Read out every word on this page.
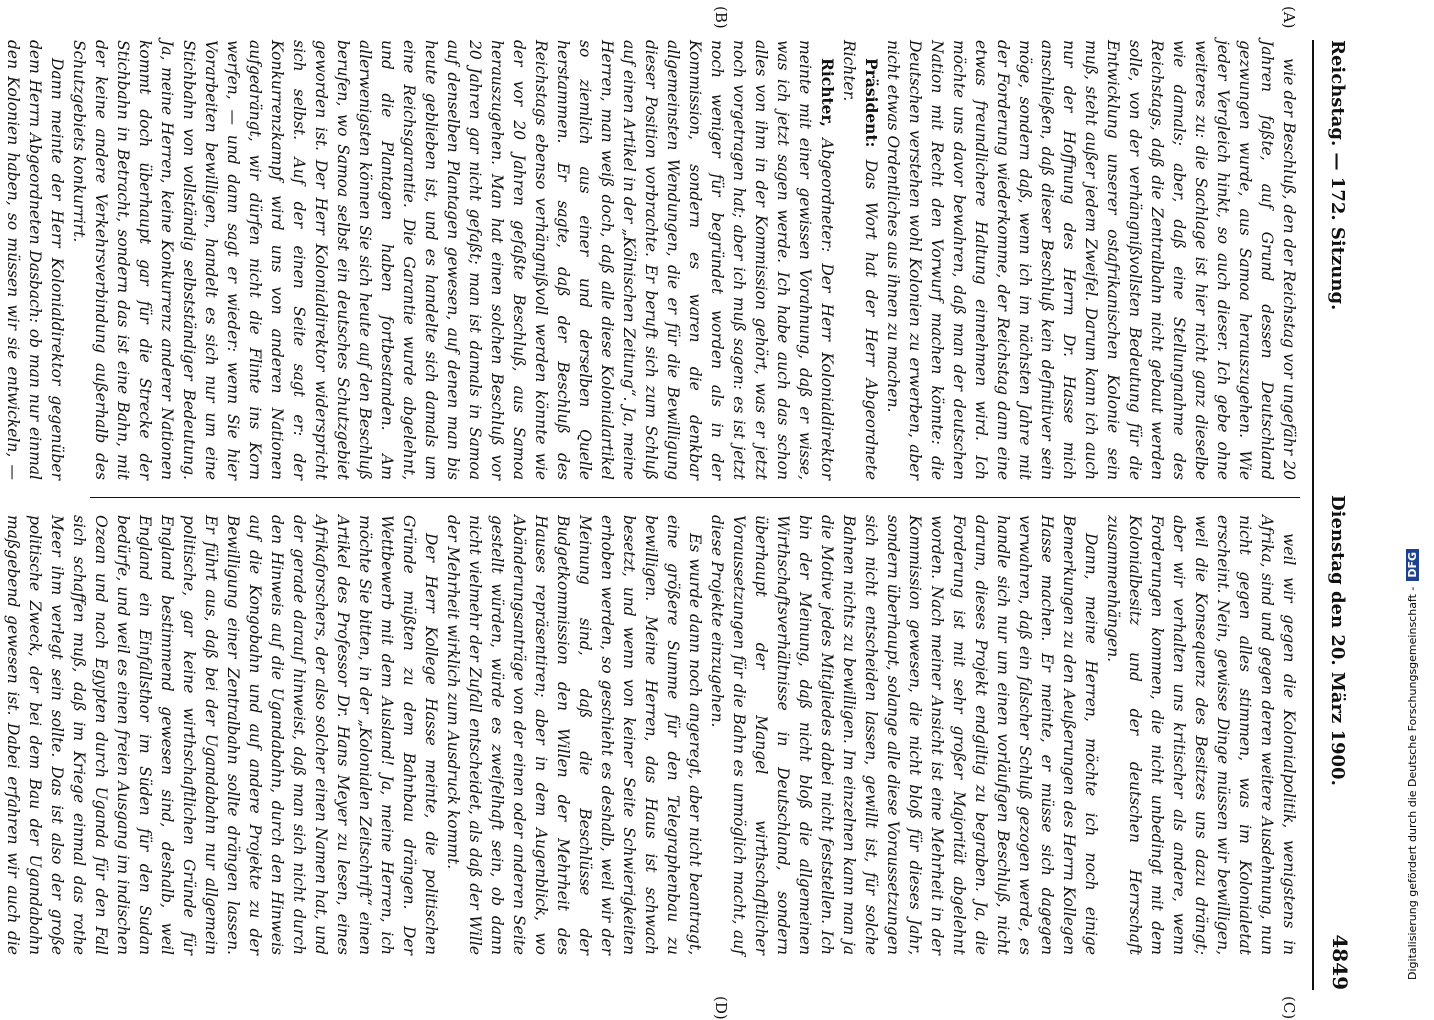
Reichstag. — 172. Sitzung.
Dienstag den 20. März 1900.
4849

wie der Beschluß, den der Reichstag vor ungefähr 20 Jahren faßte, auf Grund dessen Deutschland gezwungen wurde, aus Samoa herauszugehen. Wie jeder Vergleich hinkt, so auch dieser. Ich gebe ohne weiteres zu: die Sachlage ist hier nicht ganz dieselbe wie damals; aber, daß eine Stellungnahme des Reichstags, daß die Zentralbahn nicht gebaut werden solle, von der verhängnißvollsten Bedeutung für die Entwicklung unserer ostafrikanischen Kolonie sein muß, steht außer jedem Zweifel. Darum kann ich auch nur der Hoffnung des Herrn Dr. Hasse mich anschließen, daß dieser Beschluß kein definitiver sein möge, sondern daß, wenn ich im nächsten Jahre mit der Forderung wiederkomme, der Reichstag dann eine etwas freundlichere Haltung einnehmen wird. Ich möchte uns davor bewahren, daß man der deutschen Nation mit Recht den Vorwurf machen könnte: die Deutschen verstehen wohl Kolonien zu erwerben, aber nicht etwas Ordentliches aus ihnen zu machen.

Präsident: Das Wort hat der Herr Abgeordnete Richter.

Richter, Abgeordneter: Der Herr Kolonialdirektor meinte mit einer gewissen Vorahnung, daß er wisse, was ich jetzt sagen werde. Ich habe auch das schon alles von ihm in der Kommission gehört, was er jetzt noch vorgetragen hat; aber ich muß sagen: es ist jetzt noch weniger für begründet worden als in der Kommission, sondern es waren die denkbar allgemeinsten Wendungen, die er für die Bewilligung dieser Position vorbrachte. Er beruft sich zum Schluß auf einen Artikel in der „Kölnischen Zeitung“. Ja, meine Herren, man weiß doch, daß alle diese Kolonialartikel so ziemlich aus einer und derselben Quelle herstammen. Er sagte, daß der Beschluß des Reichstags ebenso verhängnißvoll werden könnte wie der vor 20 Jahren gefaßte Beschluß, aus Samoa herauszugehen. Man hat einen solchen Beschluß vor 20 Jahren gar nicht gefaßt; man ist damals in Samoa auf denselben Plantagen gewesen, auf denen man bis heute geblieben ist, und es handelte sich damals um eine Reichsgarantie. Die Garantie wurde abgelehnt, und die Plantagen haben fortbestanden. Am allerwenigsten können Sie sich heute auf den Beschluß berufen, wo Samoa selbst ein deutsches Schutzgebiet geworden ist. Der Herr Kolonialdirektor widerspricht sich selbst. Auf der einen Seite sagt er: der Konkurrenzkampf wird uns von anderen Nationen aufgedrängt, wir dürfen nicht die Flinte ins Korn werfen, — und dann sagt er wieder: wenn Sie hier Vorarbeiten bewilligen, handelt es sich nur um eine Stichbahn von vollständig selbstständiger Bedeutung. Ja, meine Herren, keine Konkurrenz anderer Nationen kommt doch überhaupt gar für die Strecke der Stichbahn in Betracht, sondern das ist eine Bahn, mit der keine andere Verkehrsverbindung außerhalb des Schutzgebiets konkurrirt.

Dann meinte der Herr Kolonialdirektor gegenüber dem Herrn Abgeordneten Dasbach: ob man nur einmal den Kolonien haben, so müssen wir sie entwickeln, —

weil wir gegen die Kolonialpolitik, wenigstens in Afrika, sind und gegen deren weitere Ausdehnung, nun nicht gegen alles stimmen, was im Kolonialetat erscheint. Nein, gewisse Dinge müssen wir bewilligen, weil die Konsequenz des Besitzes uns dazu drängt; aber wir verhalten uns kritischer als andere, wenn Forderungen kommen, die nicht unbedingt mit dem Kolonialbesitz und der deutschen Herrschaft zusammenhängen.

Dann, meine Herren, möchte ich noch einige Bemerkungen zu den Aeußerungen des Herrn Kollegen Hasse machen. Er meinte, er müsse sich dagegen verwahren, daß ein falscher Schluß gezogen werde, es handle sich nur um einen vorläufigen Beschluß, nicht darum, dieses Projekt endgiltig zu begraben. Ja, die Forderung ist mit sehr großer Majorität abgelehnt worden. Nach meiner Ansicht ist eine Mehrheit in der Kommission gewesen, die nicht bloß für dieses Jahr, sondern überhaupt, solange alle diese Voraussetzungen sich nicht entscheiden lassen, gewillt ist, für solche Bahnen nichts zu bewilligen. Im einzelnen kann man ja die Motive jedes Mitgliedes dabei nicht feststellen. Ich bin der Meinung, daß nicht bloß die allgemeinen Wirthschaftsverhältnisse in Deutschland, sondern überhaupt der Mangel wirthschaftlicher Voraussetzungen für die Bahn es unmöglich macht, auf diese Projekte einzugehen.

Es wurde dann noch angeregt, aber nicht beantragt, eine größere Summe für den Telegraphenbau zu bewilligen. Meine Herren, das Haus ist schwach besetzt, und wenn von keiner Seite Schwierigkeiten erhoben werden, so geschieht es deshalb, weil wir der Meinung sind, daß die Beschlüsse der Budgetkommission den Willen der Mehrheit des Hauses repräsentiren; aber in dem Augenblick, wo Abänderungsanträge von der einen oder anderen Seite gestellt würden, würde es zweifelhaft sein, ob dann nicht vielmehr der Zufall entscheidet, als daß der Wille der Mehrheit wirklich zum Ausdruck kommt.

Der Herr Kollege Hasse meinte, die politischen Gründe müßten zu dem Bahnbau drängen. Der Wettbewerb mit dem Ausland! Ja, meine Herren, ich möchte Sie bitten, in der „Kolonialen Zeitschrift“ einen Artikel des Professor Dr. Hans Meyer zu lesen, eines Afrikaforschers, der also solcher einen Namen hat, und der gerade darauf hinweist, daß man sich nicht durch den Hinweis auf die Ugandabahn, durch den Hinweis auf die Kongobahn und auf andere Projekte zu der Bewilligung einer Zentralbahn sollte drängen lassen. Er führt aus, daß bei der Ugandabahn nur allgemein politische, gar keine wirthschaftlichen Gründe für England bestimmend gewesen sind, deshalb, weil England ein Einfallsthor im Süden für den Sudan bedürfe, und weil es einen freien Ausgang im indischen Ozean und nach Egypten durch Uganda für den Fall sich schaffen muß, daß im Kriege einmal das rothe Meer ihm verlegt sein sollte. Das ist also der große politische Zweck, der bei dem Bau der Ugandabahn maßgebend gewesen ist. Dabei erfahren wir auch die

(A)
(B)
(C)
(D)
Digitalisierung gefördert durch die Deutsche Forschungsgemeinschaft -DFG
